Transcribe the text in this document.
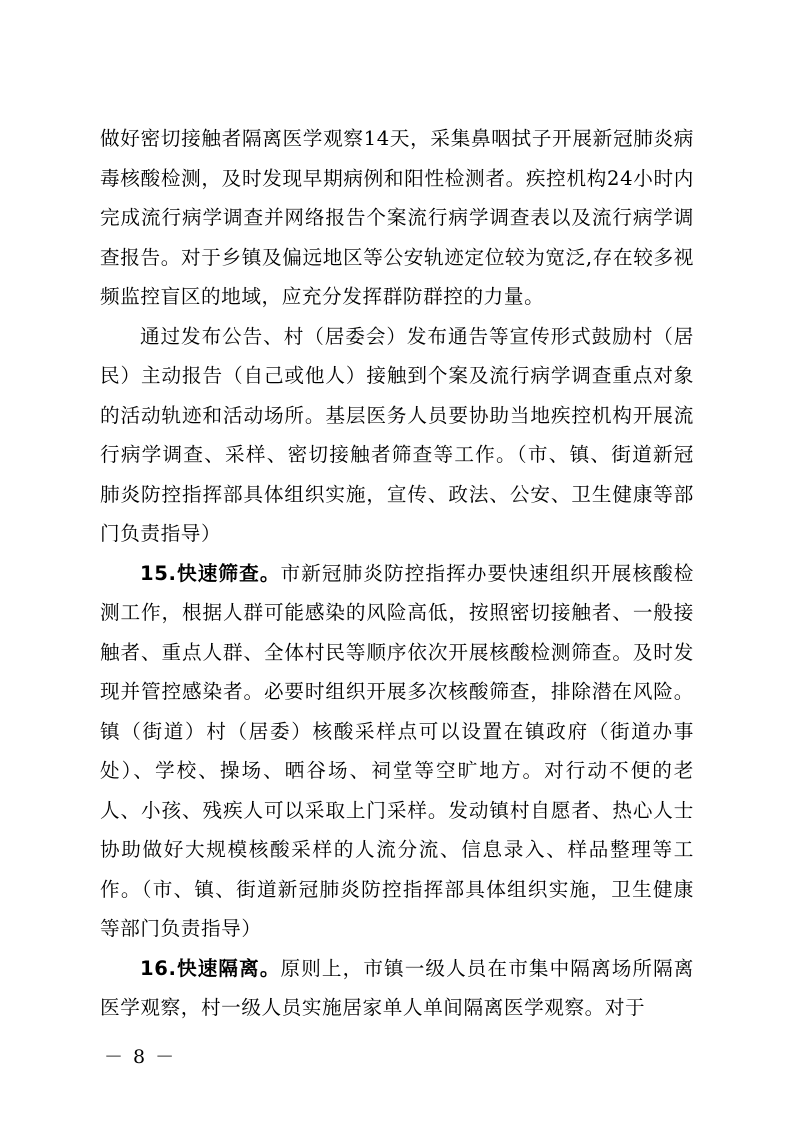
做好密切接触者隔离医学观察14天，采集鼻咽拭子开展新冠肺炎病毒核酸检测，及时发现早期病例和阳性检测者。疾控机构24小时内完成流行病学调查并网络报告个案流行病学调查表以及流行病学调查报告。对于乡镇及偏远地区等公安轨迹定位较为宽泛,存在较多视频监控盲区的地域，应充分发挥群防群控的力量。

通过发布公告、村（居委会）发布通告等宣传形式鼓励村（居民）主动报告（自己或他人）接触到个案及流行病学调查重点对象的活动轨迹和活动场所。基层医务人员要协助当地疾控机构开展流行病学调查、采样、密切接触者筛查等工作。（市、镇、街道新冠肺炎防控指挥部具体组织实施，宣传、政法、公安、卫生健康等部门负责指导）

15.快速筛查。市新冠肺炎防控指挥办要快速组织开展核酸检测工作，根据人群可能感染的风险高低，按照密切接触者、一般接触者、重点人群、全体村民等顺序依次开展核酸检测筛查。及时发现并管控感染者。必要时组织开展多次核酸筛查，排除潜在风险。镇（街道）村（居委）核酸采样点可以设置在镇政府（街道办事处）、学校、操场、晒谷场、祠堂等空旷地方。对行动不便的老人、小孩、残疾人可以采取上门采样。发动镇村自愿者、热心人士协助做好大规模核酸采样的人流分流、信息录入、样品整理等工作。（市、镇、街道新冠肺炎防控指挥部具体组织实施，卫生健康等部门负责指导）

16.快速隔离。原则上，市镇一级人员在市集中隔离场所隔离医学观察，村一级人员实施居家单人单间隔离医学观察。对于

－ 8 －
